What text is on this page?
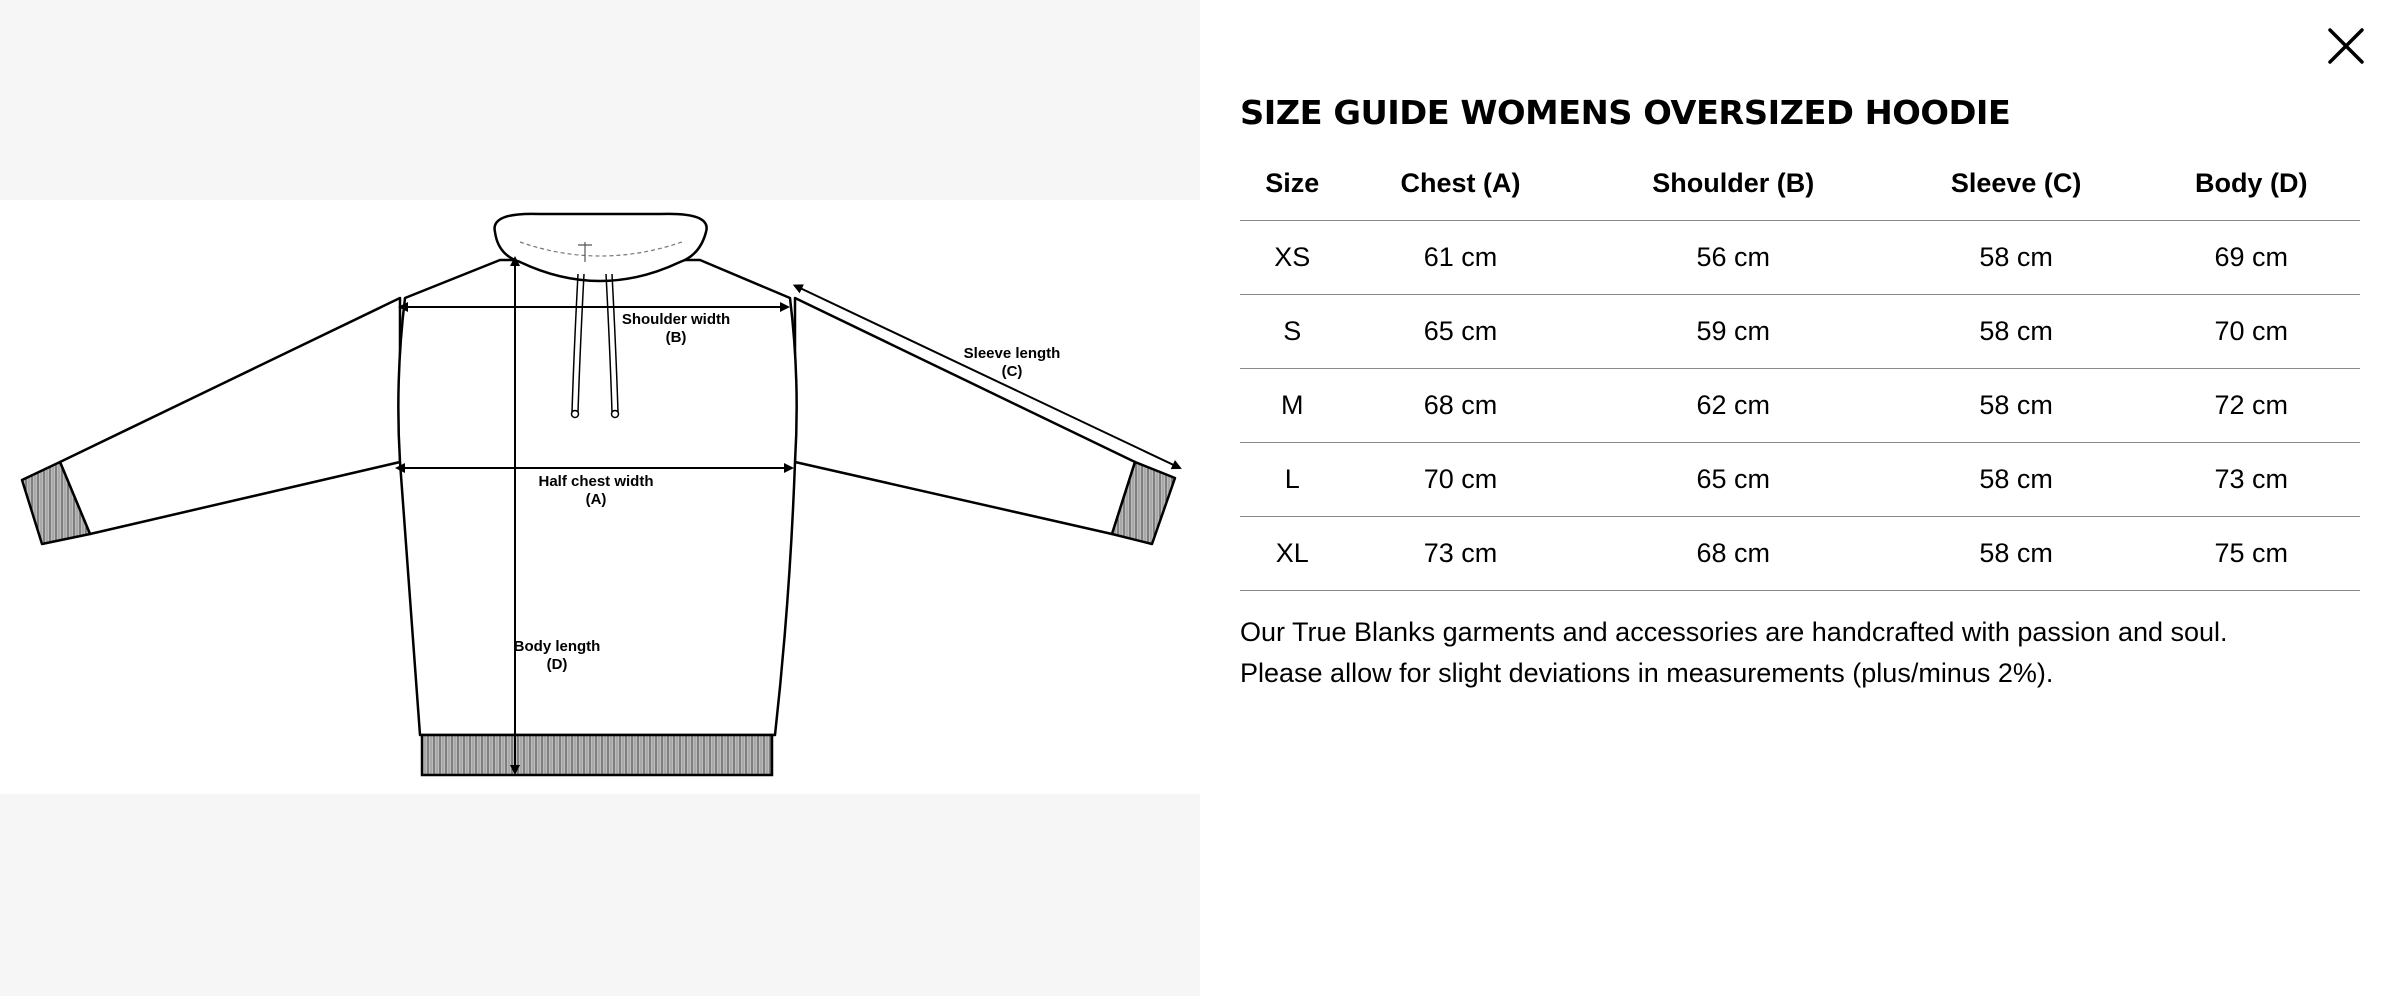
Shoulder width
(B)
Sleeve length
(C)
Half chest width
(A)
Body length
(D)
SIZE GUIDE WOMENS OVERSIZED HOODIE
Size	Chest (A)	Shoulder (B)	Sleeve (C)	Body (D)
XS	61 cm	56 cm	58 cm	69 cm
S	65 cm	59 cm	58 cm	70 cm
M	68 cm	62 cm	58 cm	72 cm
L	70 cm	65 cm	58 cm	73 cm
XL	73 cm	68 cm	58 cm	75 cm
Our True Blanks garments and accessories are handcrafted with passion and soul.
Please allow for slight deviations in measurements (plus/minus 2%).
